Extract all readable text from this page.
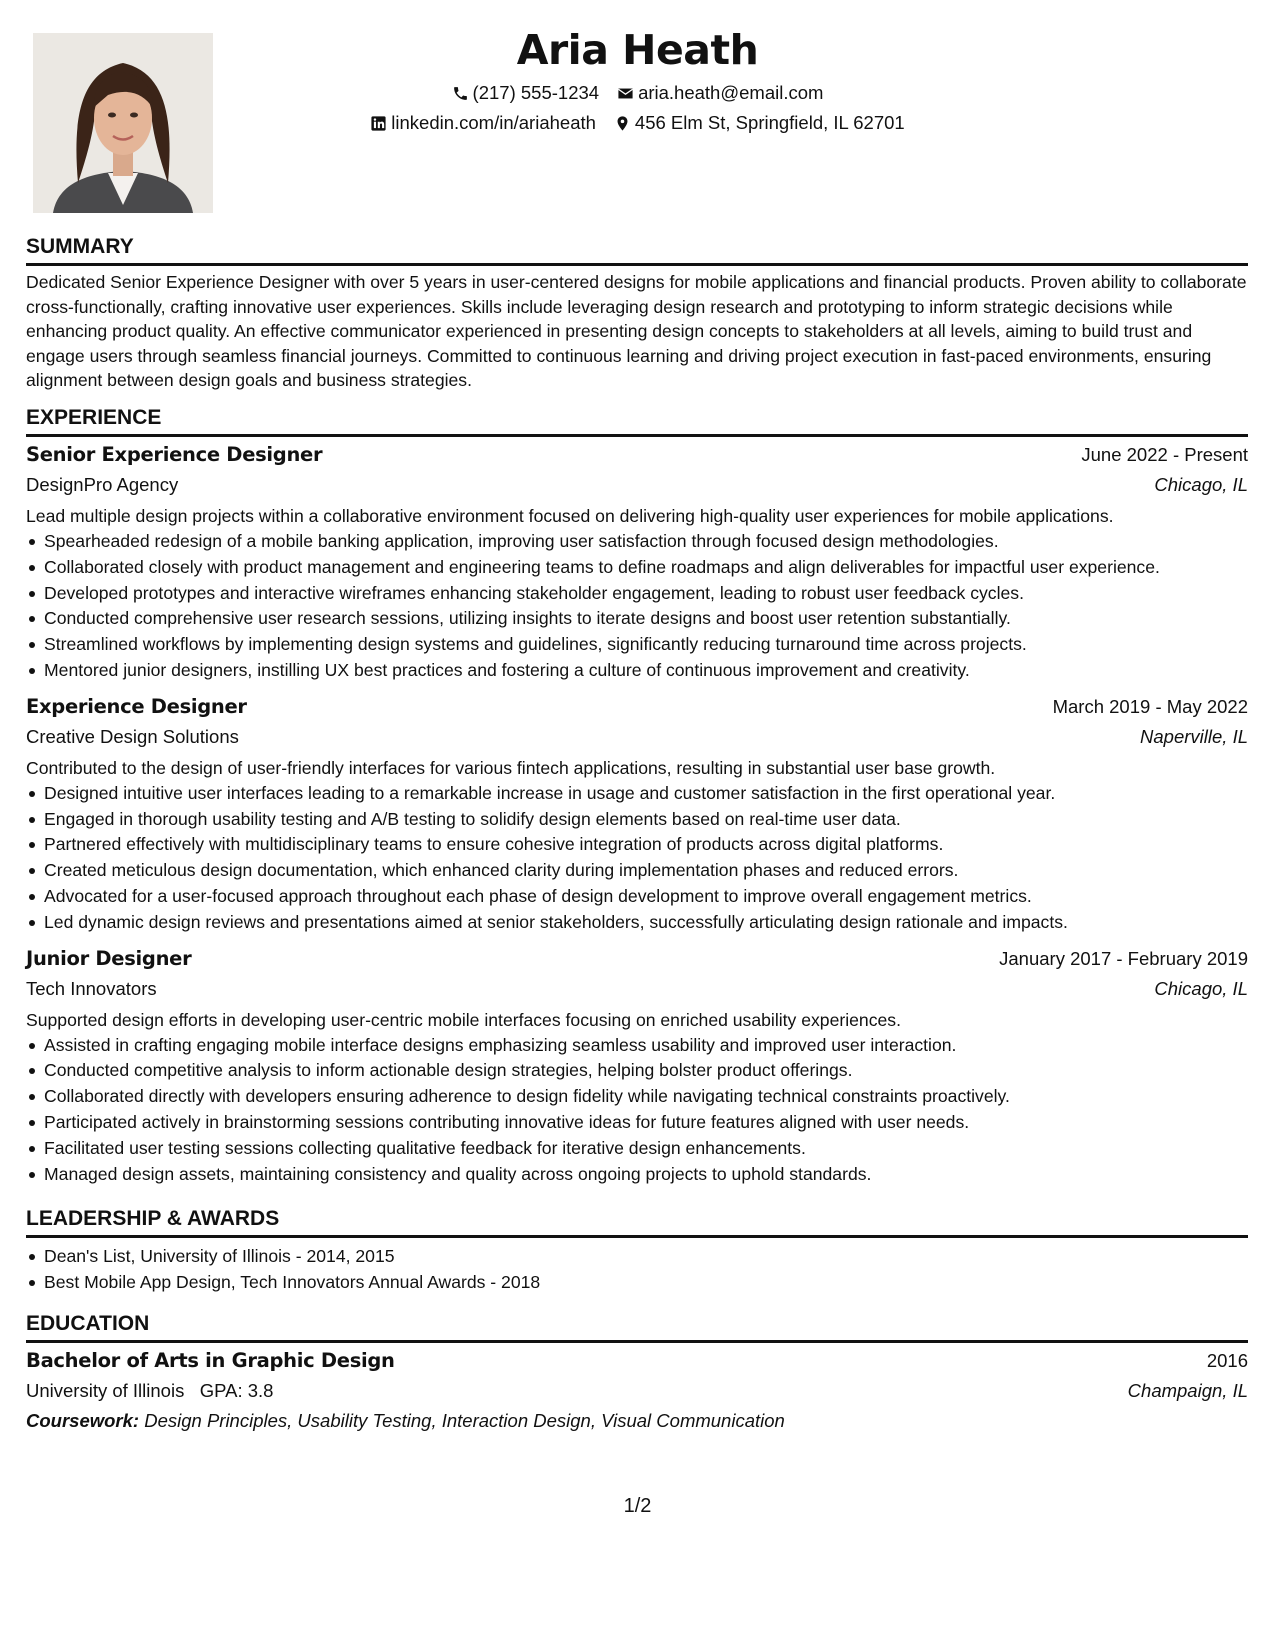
Aria Heath
(217) 555-1234 aria.heath@email.com
linkedin.com/in/ariaheath 456 Elm St, Springfield, IL 62701
SUMMARY
Dedicated Senior Experience Designer with over 5 years in user-centered designs for mobile applications and financial products. Proven ability to collaborate cross-functionally, crafting innovative user experiences. Skills include leveraging design research and prototyping to inform strategic decisions while enhancing product quality. An effective communicator experienced in presenting design concepts to stakeholders at all levels, aiming to build trust and engage users through seamless financial journeys. Committed to continuous learning and driving project execution in fast-paced environments, ensuring alignment between design goals and business strategies.
EXPERIENCE
Senior Experience Designer	June 2022 - Present
DesignPro Agency	Chicago, IL
Lead multiple design projects within a collaborative environment focused on delivering high-quality user experiences for mobile applications.
Spearheaded redesign of a mobile banking application, improving user satisfaction through focused design methodologies.
Collaborated closely with product management and engineering teams to define roadmaps and align deliverables for impactful user experience.
Developed prototypes and interactive wireframes enhancing stakeholder engagement, leading to robust user feedback cycles.
Conducted comprehensive user research sessions, utilizing insights to iterate designs and boost user retention substantially.
Streamlined workflows by implementing design systems and guidelines, significantly reducing turnaround time across projects.
Mentored junior designers, instilling UX best practices and fostering a culture of continuous improvement and creativity.
Experience Designer	March 2019 - May 2022
Creative Design Solutions	Naperville, IL
Contributed to the design of user-friendly interfaces for various fintech applications, resulting in substantial user base growth.
Designed intuitive user interfaces leading to a remarkable increase in usage and customer satisfaction in the first operational year.
Engaged in thorough usability testing and A/B testing to solidify design elements based on real-time user data.
Partnered effectively with multidisciplinary teams to ensure cohesive integration of products across digital platforms.
Created meticulous design documentation, which enhanced clarity during implementation phases and reduced errors.
Advocated for a user-focused approach throughout each phase of design development to improve overall engagement metrics.
Led dynamic design reviews and presentations aimed at senior stakeholders, successfully articulating design rationale and impacts.
Junior Designer	January 2017 - February 2019
Tech Innovators	Chicago, IL
Supported design efforts in developing user-centric mobile interfaces focusing on enriched usability experiences.
Assisted in crafting engaging mobile interface designs emphasizing seamless usability and improved user interaction.
Conducted competitive analysis to inform actionable design strategies, helping bolster product offerings.
Collaborated directly with developers ensuring adherence to design fidelity while navigating technical constraints proactively.
Participated actively in brainstorming sessions contributing innovative ideas for future features aligned with user needs.
Facilitated user testing sessions collecting qualitative feedback for iterative design enhancements.
Managed design assets, maintaining consistency and quality across ongoing projects to uphold standards.
LEADERSHIP & AWARDS
Dean's List, University of Illinois - 2014, 2015
Best Mobile App Design, Tech Innovators Annual Awards - 2018
EDUCATION
Bachelor of Arts in Graphic Design	2016
University of Illinois GPA: 3.8	Champaign, IL
Coursework: Design Principles, Usability Testing, Interaction Design, Visual Communication
1/2
